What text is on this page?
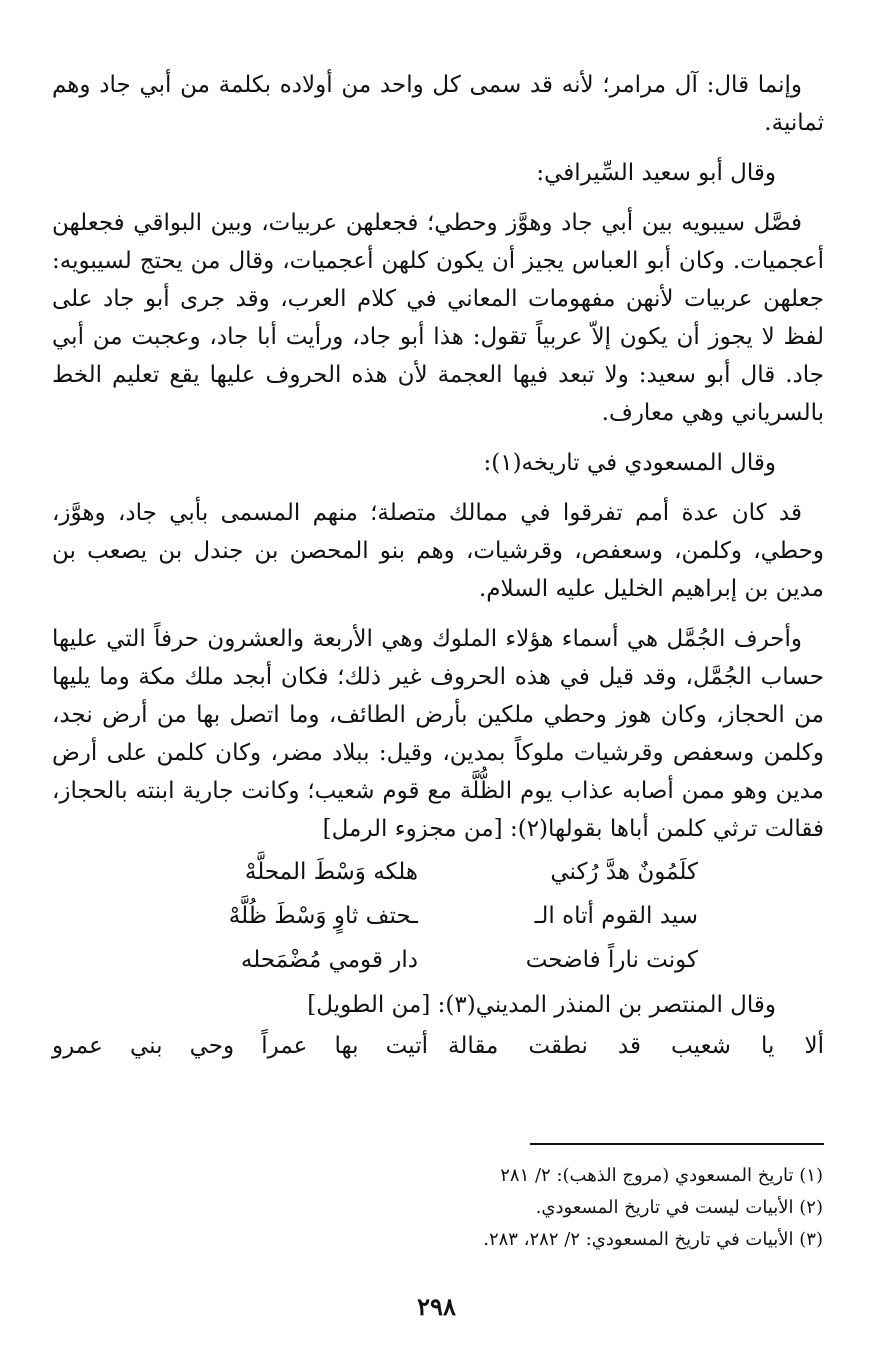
وإنما قال: آل مرامر؛ لأنه قد سمى كل واحد من أولاده بكلمة من أبي جاد وهم ثمانية.

وقال أبو سعيد السِّيرافي:

فصَّل سيبويه بين أبي جاد وهوَّز وحطي؛ فجعلهن عربيات، وبين البواقي فجعلهن أعجميات. وكان أبو العباس يجيز أن يكون كلهن أعجميات، وقال من يحتج لسيبويه: جعلهن عربيات لأنهن مفهومات المعاني في كلام العرب، وقد جرى أبو جاد على لفظ لا يجوز أن يكون إلاّ عربياً تقول: هذا أبو جاد، ورأيت أبا جاد، وعجبت من أبي جاد. قال أبو سعيد: ولا تبعد فيها العجمة لأن هذه الحروف عليها يقع تعليم الخط بالسرياني وهي معارف.

وقال المسعودي في تاريخه(١):

قد كان عدة أمم تفرقوا في ممالك متصلة؛ منهم المسمى بأبي جاد، وهوَّز، وحطي، وكلمن، وسعفص، وقرشيات، وهم بنو المحصن بن جندل بن يصعب بن مدين بن إبراهيم الخليل عليه السلام.

وأحرف الجُمَّل هي أسماء هؤلاء الملوك وهي الأربعة والعشرون حرفاً التي عليها حساب الجُمَّل، وقد قيل في هذه الحروف غير ذلك؛ فكان أبجد ملك مكة وما يليها من الحجاز، وكان هوز وحطي ملكين بأرض الطائف، وما اتصل بها من أرض نجد، وكلمن وسعفص وقرشيات ملوكاً بمدين، وقيل: ببلاد مضر، وكان كلمن على أرض مدين وهو ممن أصابه عذاب يوم الظُّلَّة مع قوم شعيب؛ وكانت جارية ابنته بالحجاز، فقالت ترثي كلمن أباها بقولها(٢): [من مجزوء الرمل]

كلَمُونٌ هدَّ رُكني
هلكه وَسْطَ المحلَّهْ
سيد القوم أتاه الـ
ـحتف ثاوٍ وَسْطَ ظُلَّهْ
كونت ناراً فاضحت
دار قومي مُضْمَحله

وقال المنتصر بن المنذر المديني(٣): [من الطويل]

ألا يا شعيب قد نطقت مقالة
أتيت بها عمراً وحي بني عمرو
(١) تاريخ المسعودي (مروج الذهب): ٢/ ٢٨١
(٢) الأبيات ليست في تاريخ المسعودي.
(٣) الأبيات في تاريخ المسعودي: ٢/ ٢٨٢، ٢٨٣.
٢٩٨
